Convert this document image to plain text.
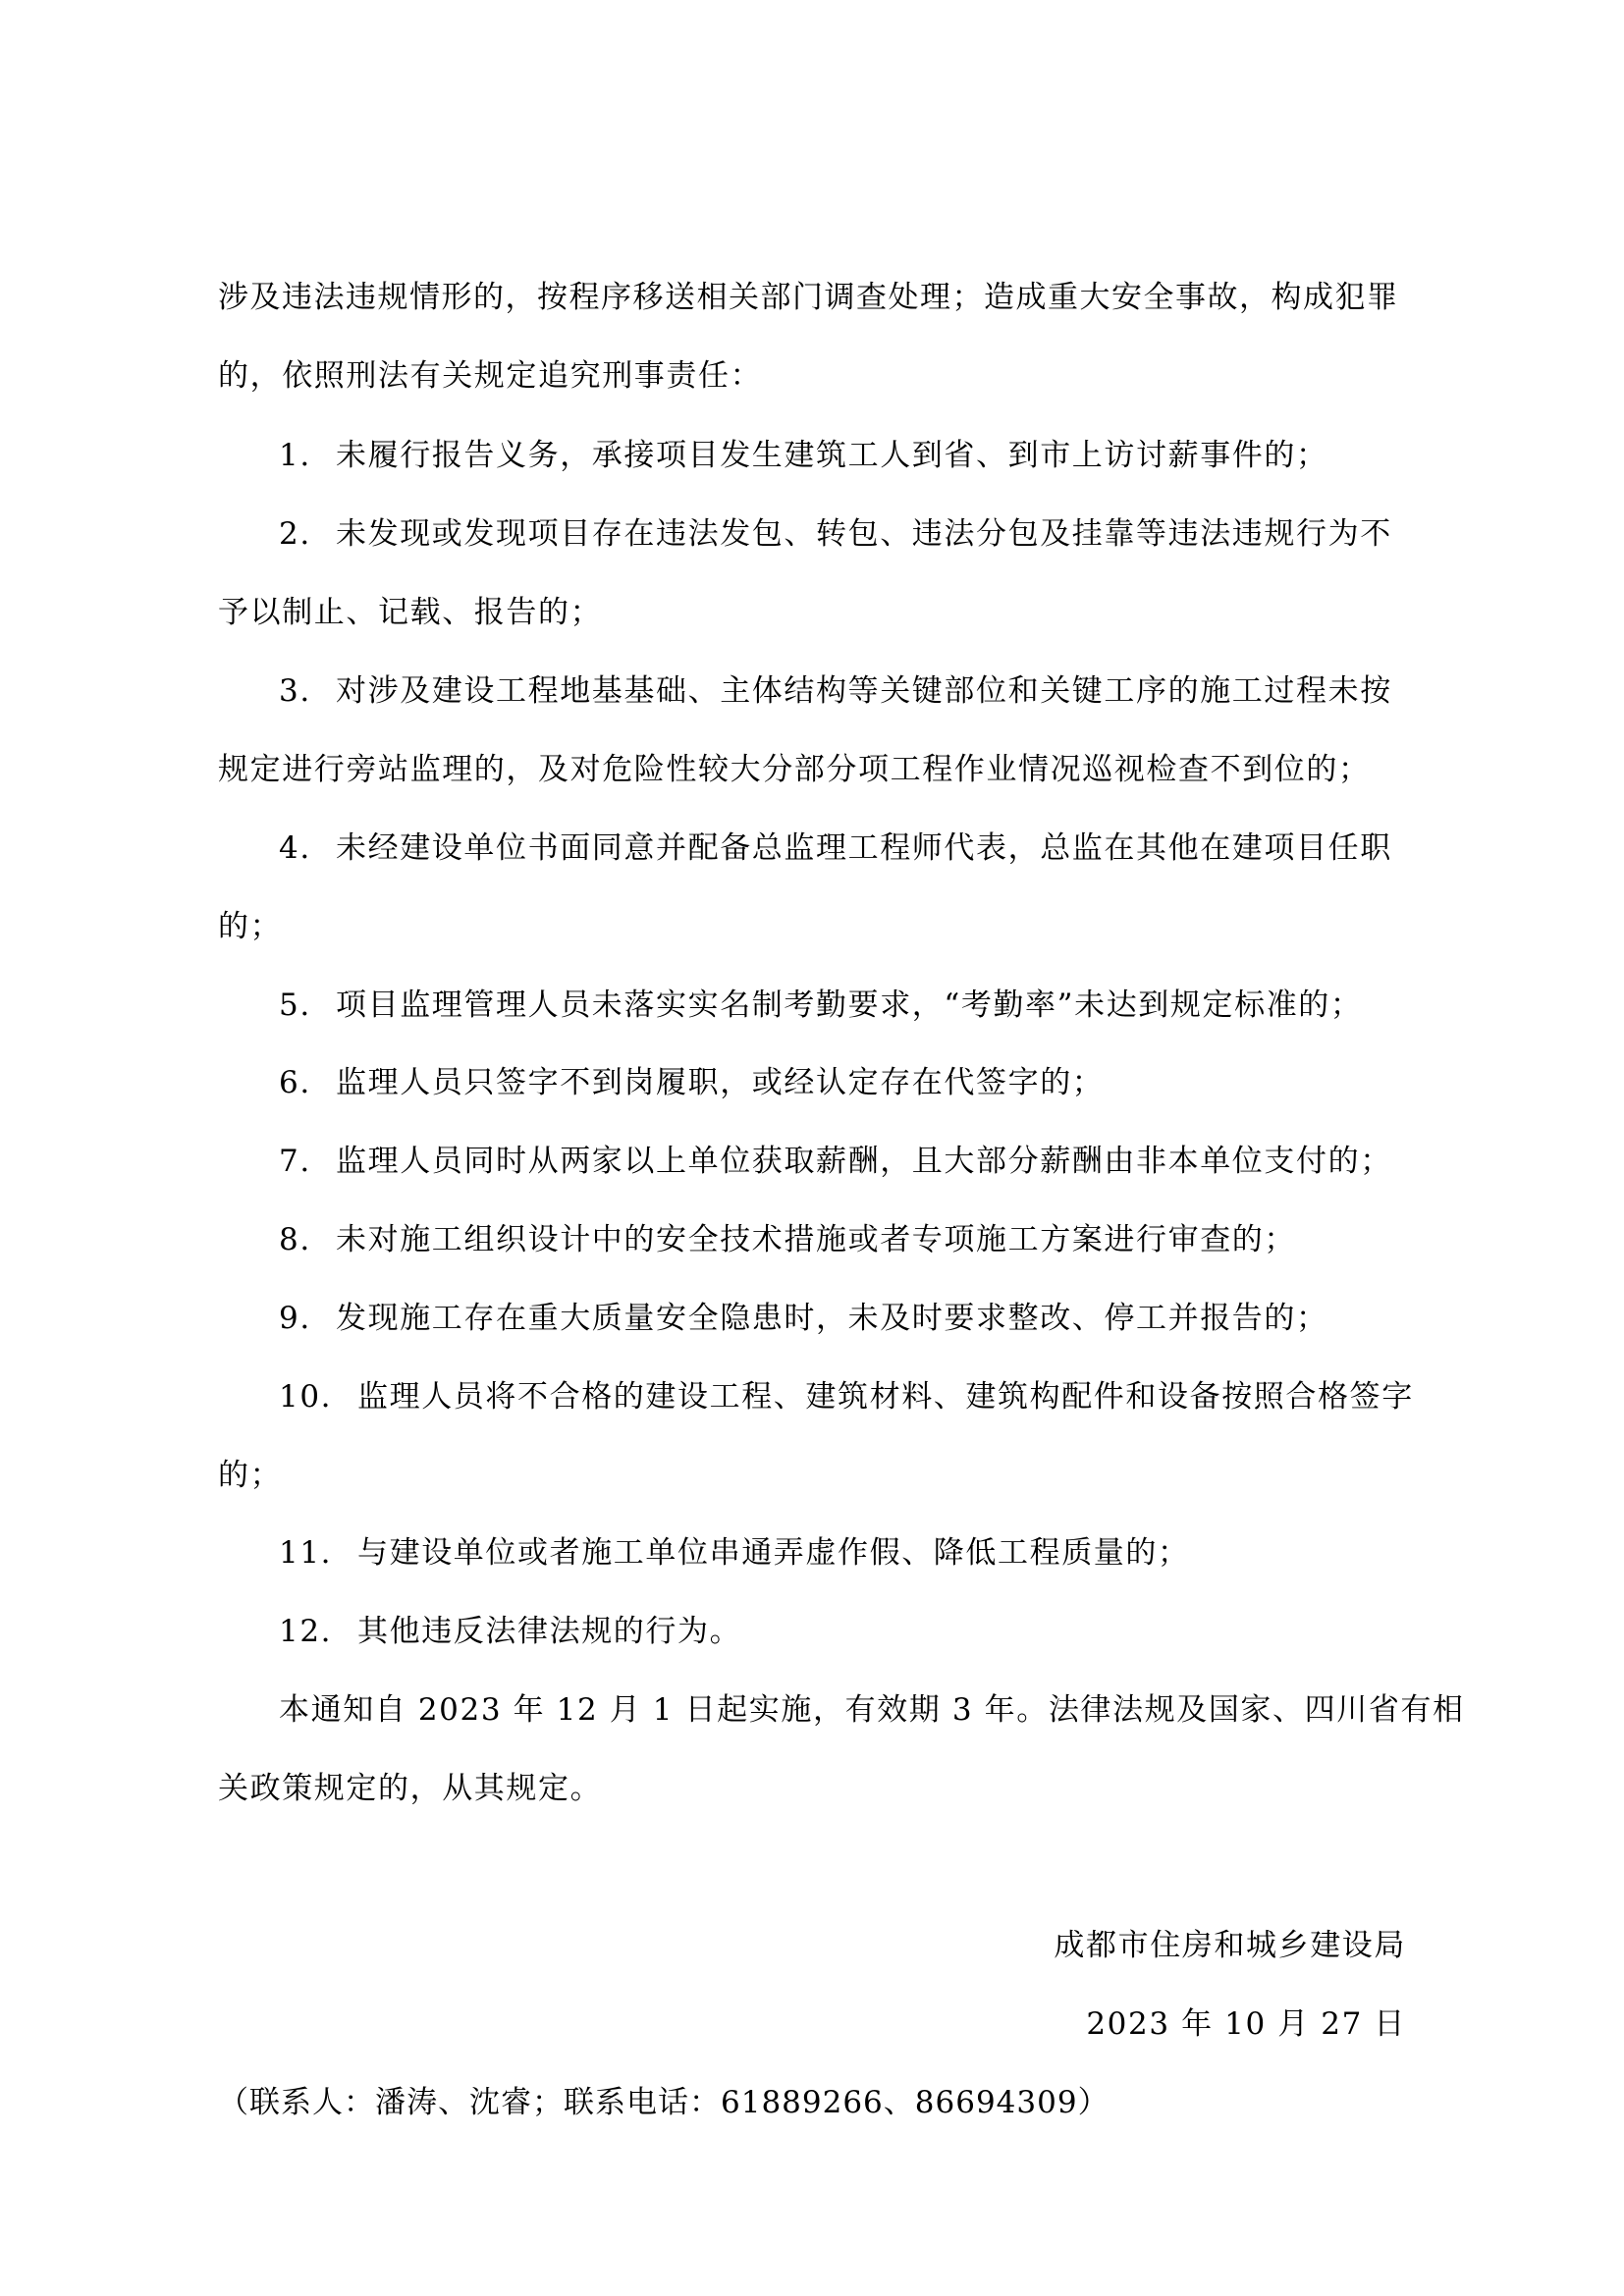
涉及违法违规情形的，按程序移送相关部门调查处理；造成重大安全事故，构成犯罪
的，依照刑法有关规定追究刑事责任：
1. 未履行报告义务，承接项目发生建筑工人到省、到市上访讨薪事件的；
2. 未发现或发现项目存在违法发包、转包、违法分包及挂靠等违法违规行为不
予以制止、记载、报告的；
3. 对涉及建设工程地基基础、主体结构等关键部位和关键工序的施工过程未按
规定进行旁站监理的，及对危险性较大分部分项工程作业情况巡视检查不到位的；
4. 未经建设单位书面同意并配备总监理工程师代表，总监在其他在建项目任职
的；
5. 项目监理管理人员未落实实名制考勤要求，“考勤率”未达到规定标准的；
6. 监理人员只签字不到岗履职，或经认定存在代签字的；
7. 监理人员同时从两家以上单位获取薪酬，且大部分薪酬由非本单位支付的；
8. 未对施工组织设计中的安全技术措施或者专项施工方案进行审查的；
9. 发现施工存在重大质量安全隐患时，未及时要求整改、停工并报告的；
10. 监理人员将不合格的建设工程、建筑材料、建筑构配件和设备按照合格签字
的；
11. 与建设单位或者施工单位串通弄虚作假、降低工程质量的；
12. 其他违反法律法规的行为。
本通知自 2023 年 12 月 1 日起实施，有效期 3 年。法律法规及国家、四川省有相
关政策规定的，从其规定。
成都市住房和城乡建设局
2023 年 10 月 27 日
（联系人：潘涛、沈睿；联系电话：61889266、86694309）
